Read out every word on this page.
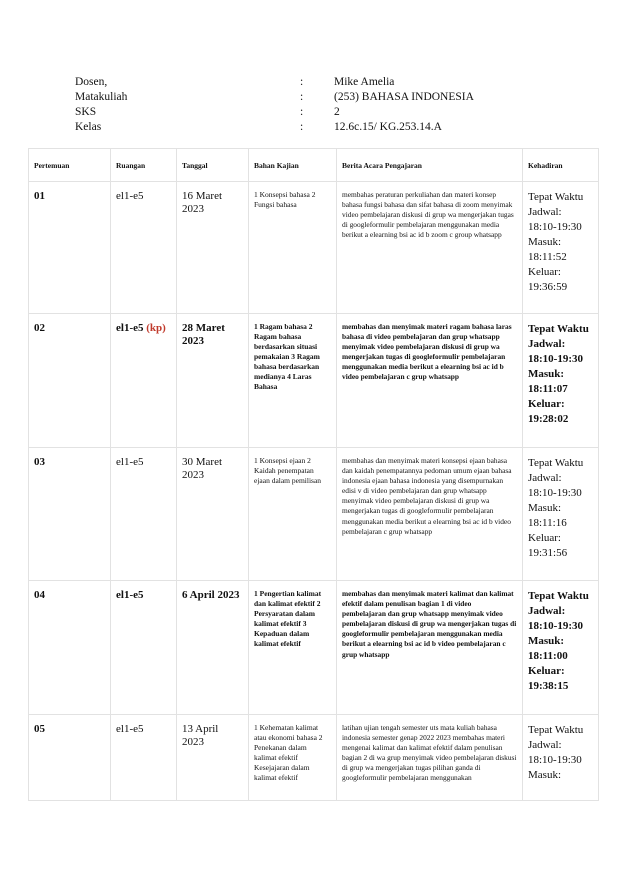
Dosen,	:	Mike Amelia
Matakuliah	:	(253) BAHASA INDONESIA
SKS	:	2
Kelas	:	12.6c.15/ KG.253.14.A
Pertemuan	Ruangan	Tanggal	Bahan Kajian	Berita Acara Pengajaran	Kehadiran
01	el1-e5	16 Maret 2023	1 Konsepsi bahasa 2 Fungsi bahasa	membahas peraturan perkuliahan dan materi konsep bahasa fungsi bahasa dan sifat bahasa di zoom menyimak video pembelajaran diskusi di grup wa mengerjakan tugas di googleformulir pembelajaran menggunakan media berikut a elearning bsi ac id b zoom c group whatsapp	Tepat Waktu Jadwal: 18:10-19:30 Masuk: 18:11:52 Keluar: 19:36:59
02	el1-e5 (kp)	28 Maret 2023	1 Ragam bahasa 2 Ragam bahasa berdasarkan situasi pemakaian 3 Ragam bahasa berdasarkan medianya 4 Laras Bahasa	membahas dan menyimak materi ragam bahasa laras bahasa di video pembelajaran dan grup whatsapp menyimak video pembelajaran diskusi di grup wa mengerjakan tugas di googleformulir pembelajaran menggunakan media berikut a elearning bsi ac id b video pembelajaran c grup whatsapp	Tepat Waktu Jadwal: 18:10-19:30 Masuk: 18:11:07 Keluar: 19:28:02
03	el1-e5	30 Maret 2023	1 Konsepsi ejaan 2 Kaidah penempatan ejaan dalam pemilisan	membahas dan menyimak materi konsepsi ejaan bahasa dan kaidah penempatannya pedoman umum ejaan bahasa indonesia ejaan bahasa indonesia yang disempurnakan edisi v di video pembelajaran dan grup whatsapp menyimak video pembelajaran diskusi di grup wa mengerjakan tugas di googleformulir pembelajaran menggunakan media berikut a elearning bsi ac id b video pembelajaran c grup whatsapp	Tepat Waktu Jadwal: 18:10-19:30 Masuk: 18:11:16 Keluar: 19:31:56
04	el1-e5	6 April 2023	1 Pengertian kalimat dan kalimat efektif 2 Persyaratan dalam kalimat efektif 3 Kepaduan dalam kalimat efektif	membahas dan menyimak materi kalimat dan kalimat efektif dalam penulisan bagian 1 di video pembelajaran dan grup whatsapp menyimak video pembelajaran diskusi di grup wa mengerjakan tugas di googleformulir pembelajaran menggunakan media berikut a elearning bsi ac id b video pembelajaran c grup whatsapp	Tepat Waktu Jadwal: 18:10-19:30 Masuk: 18:11:00 Keluar: 19:38:15
05	el1-e5	13 April 2023	1 Kehematan kalimat atau ekonomi bahasa 2 Penekanan dalam kalimat efektif Kesejajaran dalam kalimat efektif	latihan ujian tengah semester uts mata kuliah bahasa indonesia semester genap 2022 2023 membahas materi mengenai kalimat dan kalimat efektif dalam penulisan bagian 2 di wa grup menyimak video pembelajaran diskusi di grup wa mengerjakan tugas pilihan ganda di googleformulir pembelajaran menggunakan	Tepat Waktu Jadwal: 18:10-19:30 Masuk:
